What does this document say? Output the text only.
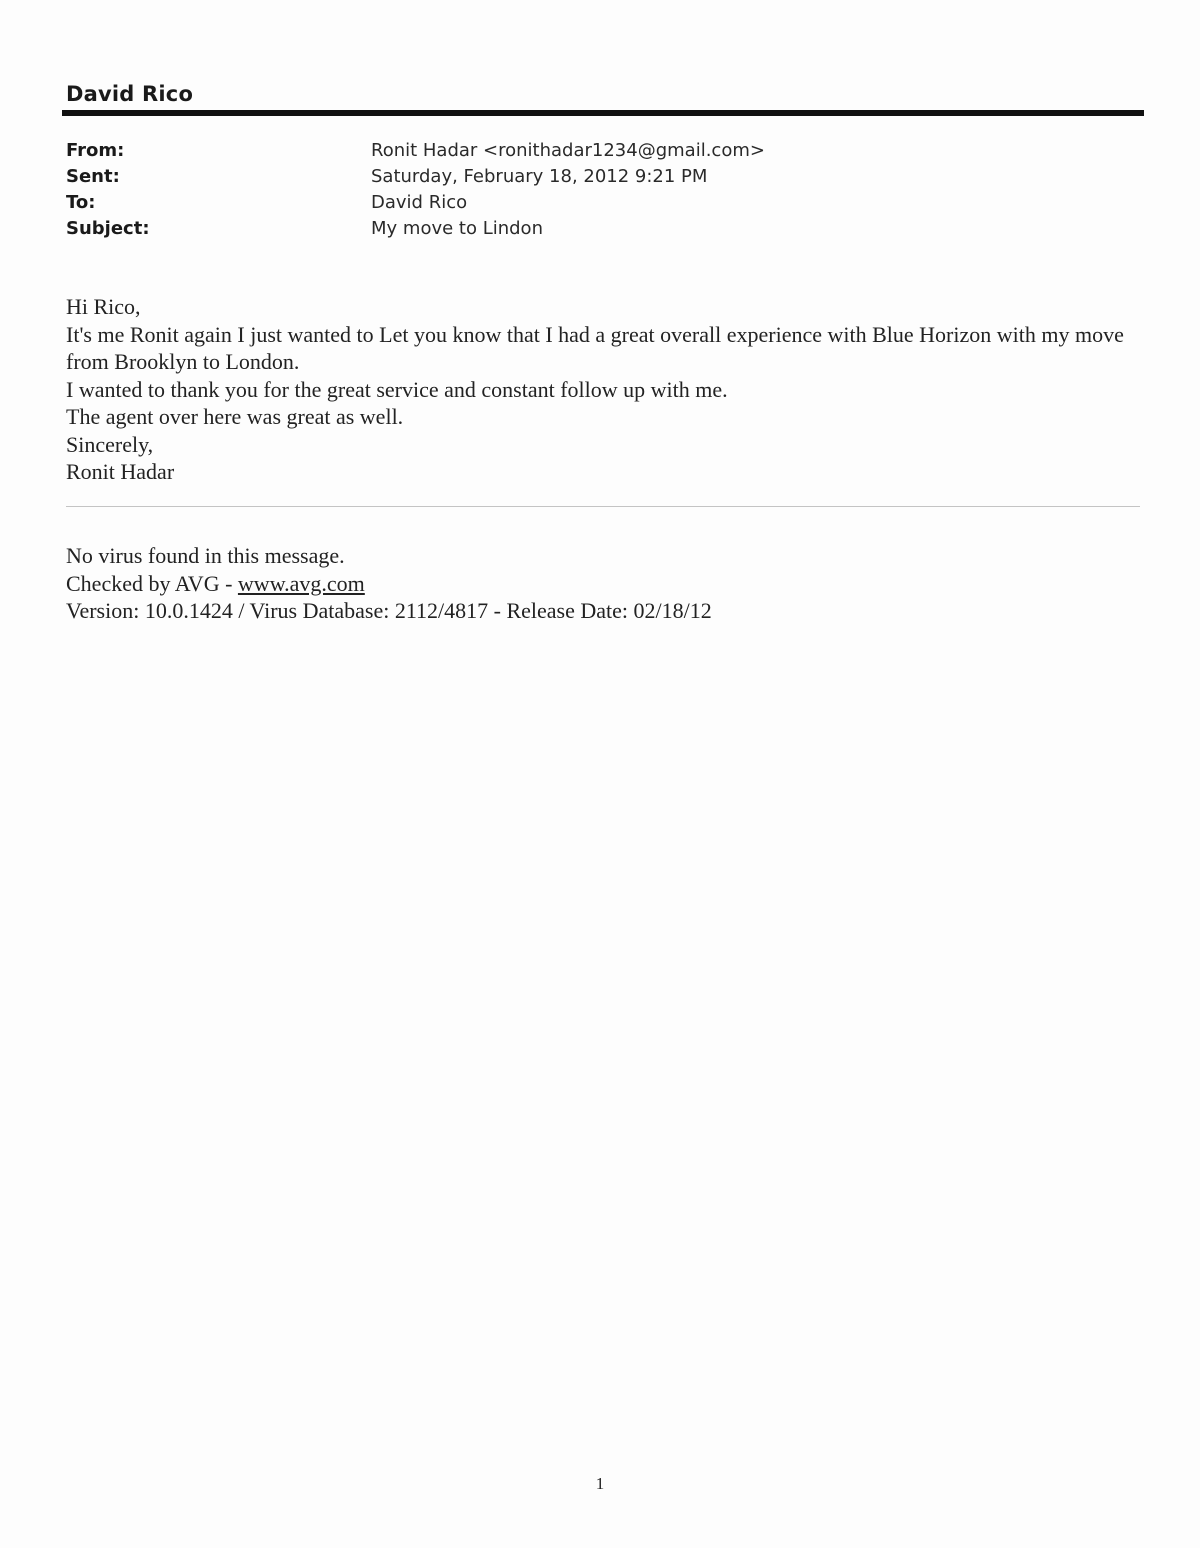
David Rico
From:	Ronit Hadar <ronithadar1234@gmail.com>
Sent:	Saturday, February 18, 2012 9:21 PM
To:	David Rico
Subject:	My move to Lindon

Hi Rico,

It's me Ronit again I just wanted to Let you know that I had a great overall experience with Blue Horizon with my move from Brooklyn to London.

I wanted to thank you for the great service and constant follow up with me.

The agent over here was great as well.

Sincerely,

Ronit Hadar

No virus found in this message.

Checked by AVG - www.avg.com

Version: 10.0.1424 / Virus Database: 2112/4817 - Release Date: 02/18/12

1
